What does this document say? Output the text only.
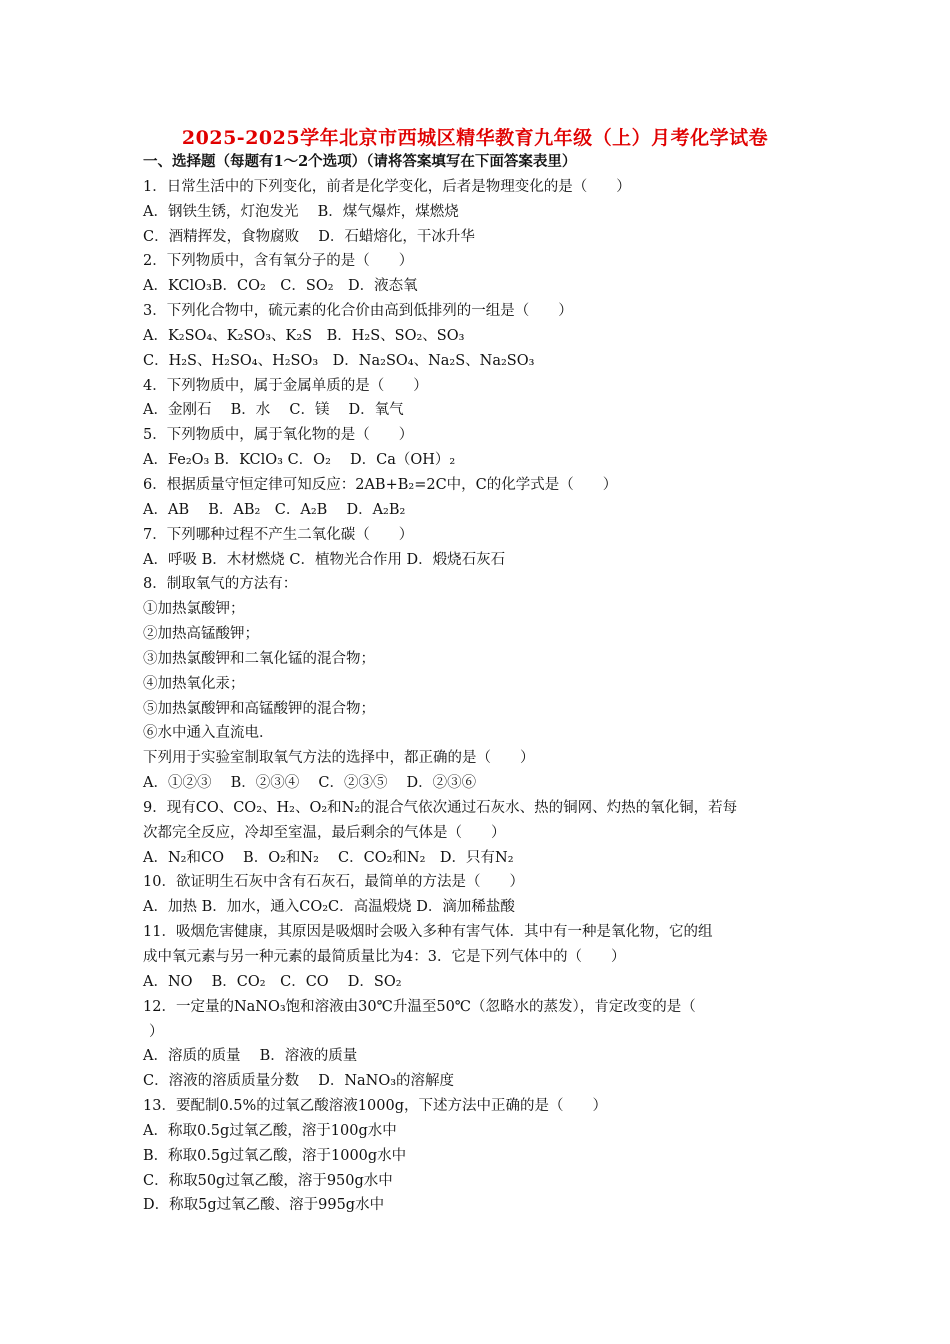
2025-2025学年北京市西城区精华教育九年级（上）月考化学试卷
一、选择题（每题有1～2个选项）（请将答案填写在下面答案表里）
1．日常生活中的下列变化，前者是化学变化，后者是物理变化的是（　　）
A．钢铁生锈，灯泡发光　 B．煤气爆炸，煤燃烧
C．酒精挥发，食物腐败　 D．石蜡熔化，干冰升华
2．下列物质中，含有氧分子的是（　　）
A．KClO₃B．CO₂　C．SO₂　D．液态氧
3．下列化合物中，硫元素的化合价由高到低排列的一组是（　　）
A．K₂SO₄、K₂SO₃、K₂S　B．H₂S、SO₂、SO₃
C．H₂S、H₂SO₄、H₂SO₃　D．Na₂SO₄、Na₂S、Na₂SO₃
4．下列物质中，属于金属单质的是（　　）
A．金刚石　 B．水　 C．镁　 D．氧气
5．下列物质中，属于氧化物的是（　　）
A．Fe₂O₃ B．KClO₃ C．O₂　 D．Ca（OH）₂
6．根据质量守恒定律可知反应：2AB+B₂=2C中，C的化学式是（　　）
A．AB　 B．AB₂　C．A₂B　 D．A₂B₂
7．下列哪种过程不产生二氧化碳（　　）
A．呼吸 B．木材燃烧 C．植物光合作用 D．煅烧石灰石
8．制取氧气的方法有：
①加热氯酸钾；
②加热高锰酸钾；
③加热氯酸钾和二氧化锰的混合物；
④加热氧化汞；
⑤加热氯酸钾和高锰酸钾的混合物；
⑥水中通入直流电．
下列用于实验室制取氧气方法的选择中，都正确的是（　　）
A．①②③　 B．②③④　 C．②③⑤　 D．②③⑥
9．现有CO、CO₂、H₂、O₂和N₂的混合气依次通过石灰水、热的铜网、灼热的氧化铜，若每
次都完全反应，冷却至室温，最后剩余的气体是（　　）
A．N₂和CO　 B．O₂和N₂　 C．CO₂和N₂　D．只有N₂
10．欲证明生石灰中含有石灰石，最简单的方法是（　　）
A．加热 B．加水，通入CO₂C．高温煅烧 D．滴加稀盐酸
11．吸烟危害健康，其原因是吸烟时会吸入多种有害气体．其中有一种是氧化物，它的组
成中氧元素与另一种元素的最简质量比为4：3．它是下列气体中的（　　）
A．NO　 B．CO₂　C．CO　 D．SO₂
12．一定量的NaNO₃饱和溶液由30℃升温至50℃（忽略水的蒸发），肯定改变的是（
）
A．溶质的质量　 B．溶液的质量
C．溶液的溶质质量分数　 D．NaNO₃的溶解度
13．要配制0.5%的过氧乙酸溶液1000g，下述方法中正确的是（　　）
A．称取0.5g过氧乙酸，溶于100g水中
B．称取0.5g过氧乙酸，溶于1000g水中
C．称取50g过氧乙酸，溶于950g水中
D．称取5g过氧乙酸、溶于995g水中
